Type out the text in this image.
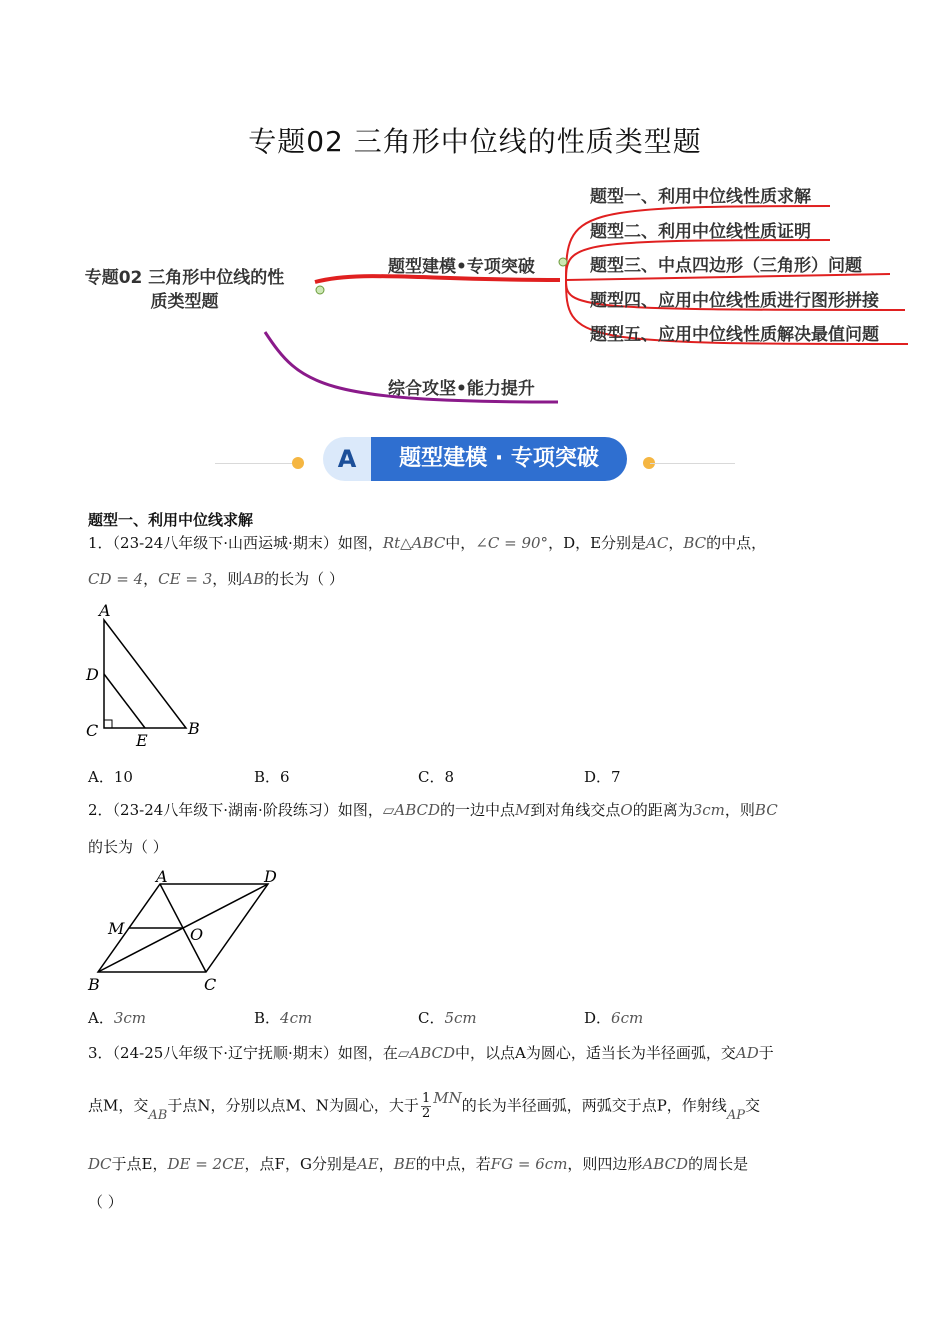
专题02 三角形中位线的性质类型题
专题02 三角形中位线的性质类型题
题型建模•专项突破
综合攻坚•能力提升
题型一、利用中位线性质求解
题型二、利用中位线性质证明
题型三、中点四边形（三角形）问题
题型四、应用中位线性质进行图形拼接
题型五、应用中位线性质解决最值问题
A	题型建模 · 专项突破
题型一、利用中位线求解
1．（23-24八年级下·山西运城·期末）如图，Rt△ABC中，∠C = 90°，D，E分别是AC，BC的中点，
CD = 4，CE = 3，则AB的长为（ ）
A
D
C
E
B
A．10	B．6	C．8	D．7
2．（23-24八年级下·湖南·阶段练习）如图，▱ABCD的一边中点M到对角线交点O的距离为3cm，则BC
的长为（ ）
A	D
M	O
B	C
A．3cm	B．4cm	C．5cm	D．6cm
3．（24-25八年级下·辽宁抚顺·期末）如图，在▱ABCD中，以点A为圆心，适当长为半径画弧，交AD于
点M，交AB于点N，分别以点M、N为圆心，大于 $\frac{1}{2}$ MN的长为半径画弧，两弧交于点P，作射线AP交
DC于点E，DE = 2CE，点F，G分别是AE，BE的中点，若FG = 6cm，则四边形ABCD的周长是
（ ）
